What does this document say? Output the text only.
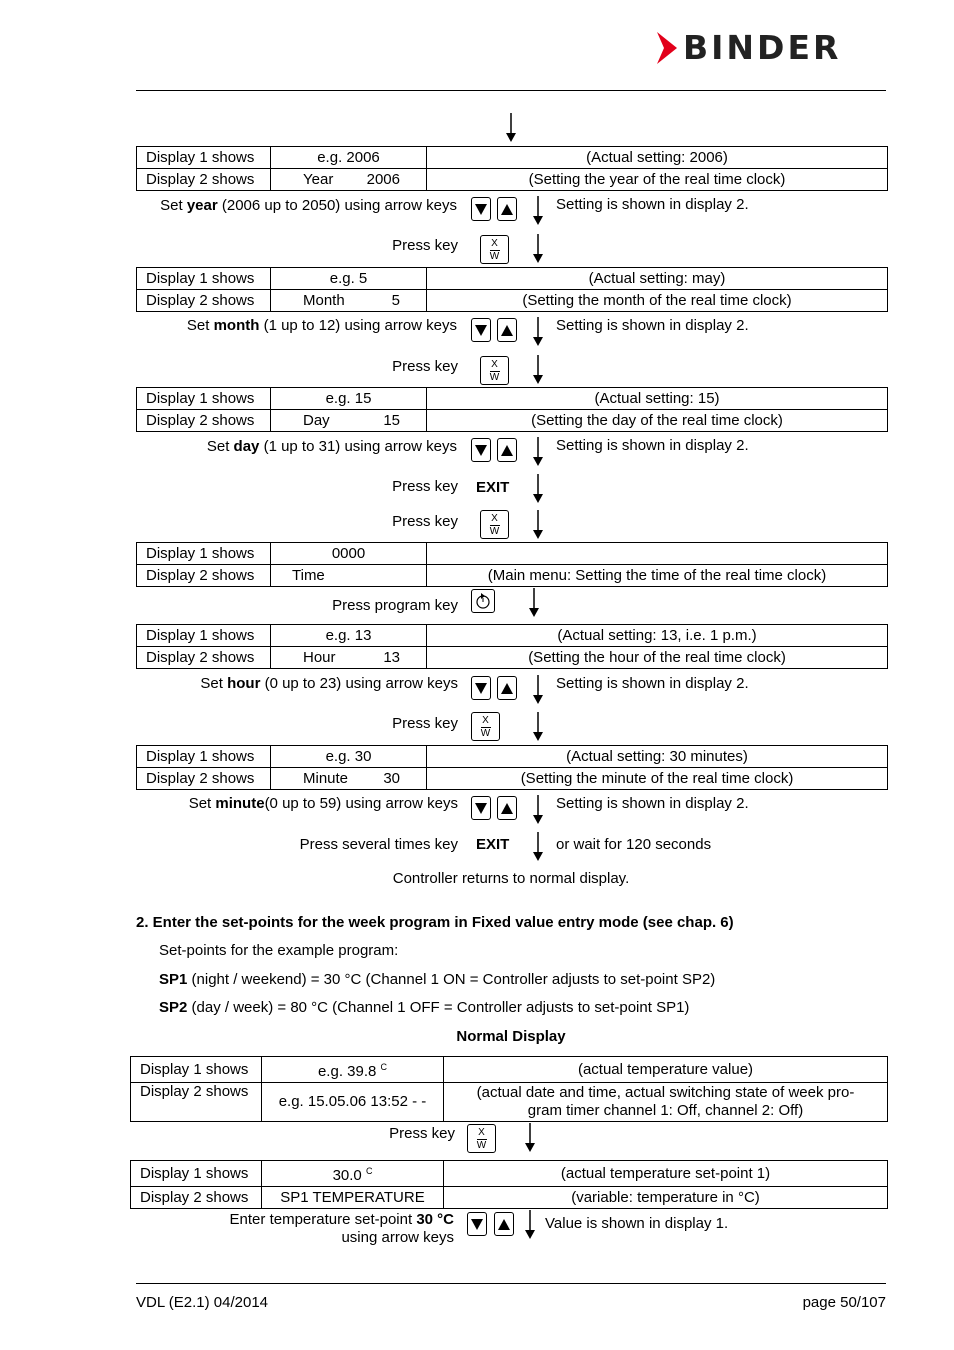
BINDER
Display 1 shows	e.g. 2006	(Actual setting: 2006)
Display 2 shows	Year 2006	(Setting the year of the real time clock)
Set year (2006 up to 2050) using arrow keys	Setting is shown in display 2.
Press key	X
W
Display 1 shows	e.g. 5	(Actual setting: may)
Display 2 shows	Month 5	(Setting the month of the real time clock)
Set month (1 up to 12) using arrow keys	Setting is shown in display 2.
Press key	X
W
Display 1 shows	e.g. 15	(Actual setting: 15)
Display 2 shows	Day 15	(Setting the day of the real time clock)
Set day (1 up to 31) using arrow keys	Setting is shown in display 2.
Press key EXIT
Press key	X
W
Display 1 shows	0000	
Display 2 shows	Time	(Main menu: Setting the time of the real time clock)
Press program key
Display 1 shows	e.g. 13	(Actual setting: 13, i.e. 1 p.m.)
Display 2 shows	Hour 13	(Setting the hour of the real time clock)
Set hour (0 up to 23) using arrow keys	Setting is shown in display 2.
Press key	X
W
Display 1 shows	e.g. 30	(Actual setting: 30 minutes)
Display 2 shows	Minute 30	(Setting the minute of the real time clock)
Set minute(0 up to 59) using arrow keys	Setting is shown in display 2.
Press several times key EXIT	or wait for 120 seconds
Controller returns to normal display.
2. Enter the set-points for the week program in Fixed value entry mode (see chap. 6)
Set-points for the example program:
SP1 (night / weekend) = 30 °C (Channel 1 ON = Controller adjusts to set-point SP2)
SP2 (day / week) = 80 °C (Channel 1 OFF = Controller adjusts to set-point SP1)
Normal Display
Display 1 shows	e.g. 39.8 $^C$	(actual temperature value)
Display 2 shows	e.g. 15.05.06 13:52 - -	(actual date and time, actual switching state of week pro-
gram timer channel 1: Off, channel 2: Off)
Press key	X
W
Display 1 shows	30.0 $^C$	(actual temperature set-point 1)
Display 2 shows	SP1 TEMPERATURE	(variable: temperature in °C)
Enter temperature set-point 30 °C
using arrow keys
Value is shown in display 1.
VDL (E2.1) 04/2014	page 50/107
